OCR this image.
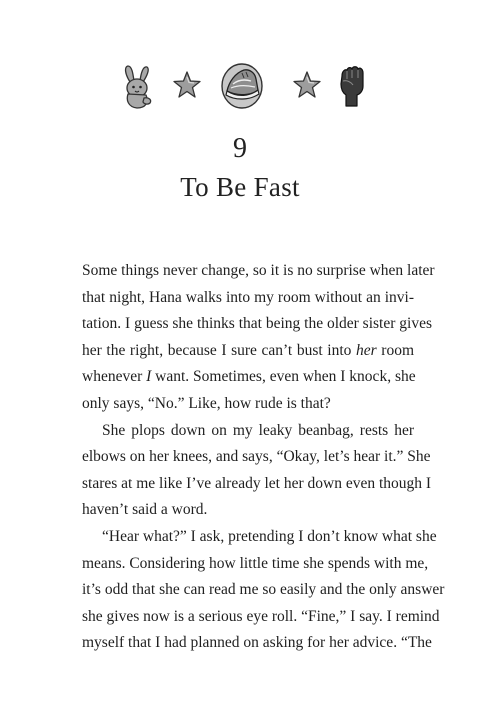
9
To Be Fast
Some things never change, so it is no surprise when later
that night, Hana walks into my room without an invi-
tation. I guess she thinks that being the older sister gives
her the right, because I sure can’t bust into her room
whenever I want. Sometimes, even when I knock, she
only says, “No.” Like, how rude is that?
She plops down on my leaky beanbag, rests her
elbows on her knees, and says, “Okay, let’s hear it.” She
stares at me like I’ve already let her down even though I
haven’t said a word.
“Hear what?” I ask, pretending I don’t know what she
means. Considering how little time she spends with me,
it’s odd that she can read me so easily and the only answer
she gives now is a serious eye roll. “Fine,” I say. I remind
myself that I had planned on asking for her advice. “The
